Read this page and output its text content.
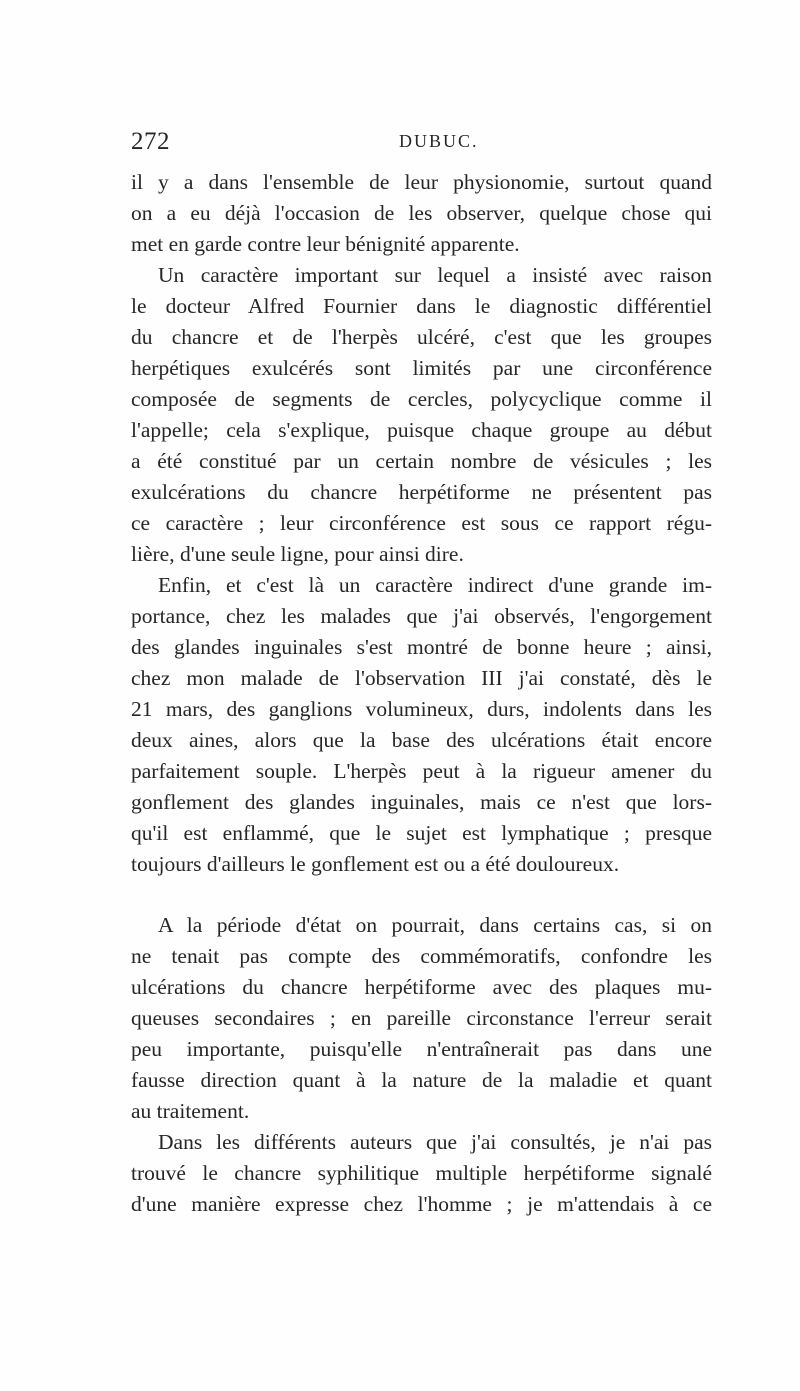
272	DUBUC.
il y a dans l'ensemble de leur physionomie, surtout quand
on a eu déjà l'occasion de les observer, quelque chose qui
met en garde contre leur bénignité apparente.
Un caractère important sur lequel a insisté avec raison
le docteur Alfred Fournier dans le diagnostic différentiel
du chancre et de l'herpès ulcéré, c'est que les groupes
herpétiques exulcérés sont limités par une circonférence
composée de segments de cercles, polycyclique comme il
l'appelle; cela s'explique, puisque chaque groupe au début
a été constitué par un certain nombre de vésicules ; les
exulcérations du chancre herpétiforme ne présentent pas
ce caractère ; leur circonférence est sous ce rapport régu-
lière, d'une seule ligne, pour ainsi dire.
Enfin, et c'est là un caractère indirect d'une grande im-
portance, chez les malades que j'ai observés, l'engorgement
des glandes inguinales s'est montré de bonne heure ; ainsi,
chez mon malade de l'observation III j'ai constaté, dès le
21 mars, des ganglions volumineux, durs, indolents dans les
deux aines, alors que la base des ulcérations était encore
parfaitement souple. L'herpès peut à la rigueur amener du
gonflement des glandes inguinales, mais ce n'est que lors-
qu'il est enflammé, que le sujet est lymphatique ; presque
toujours d'ailleurs le gonflement est ou a été douloureux.
A la période d'état on pourrait, dans certains cas, si on
ne tenait pas compte des commémoratifs, confondre les
ulcérations du chancre herpétiforme avec des plaques mu-
queuses secondaires ; en pareille circonstance l'erreur serait
peu importante, puisqu'elle n'entraînerait pas dans une
fausse direction quant à la nature de la maladie et quant
au traitement.
Dans les différents auteurs que j'ai consultés, je n'ai pas
trouvé le chancre syphilitique multiple herpétiforme signalé
d'une manière expresse chez l'homme ; je m'attendais à ce
